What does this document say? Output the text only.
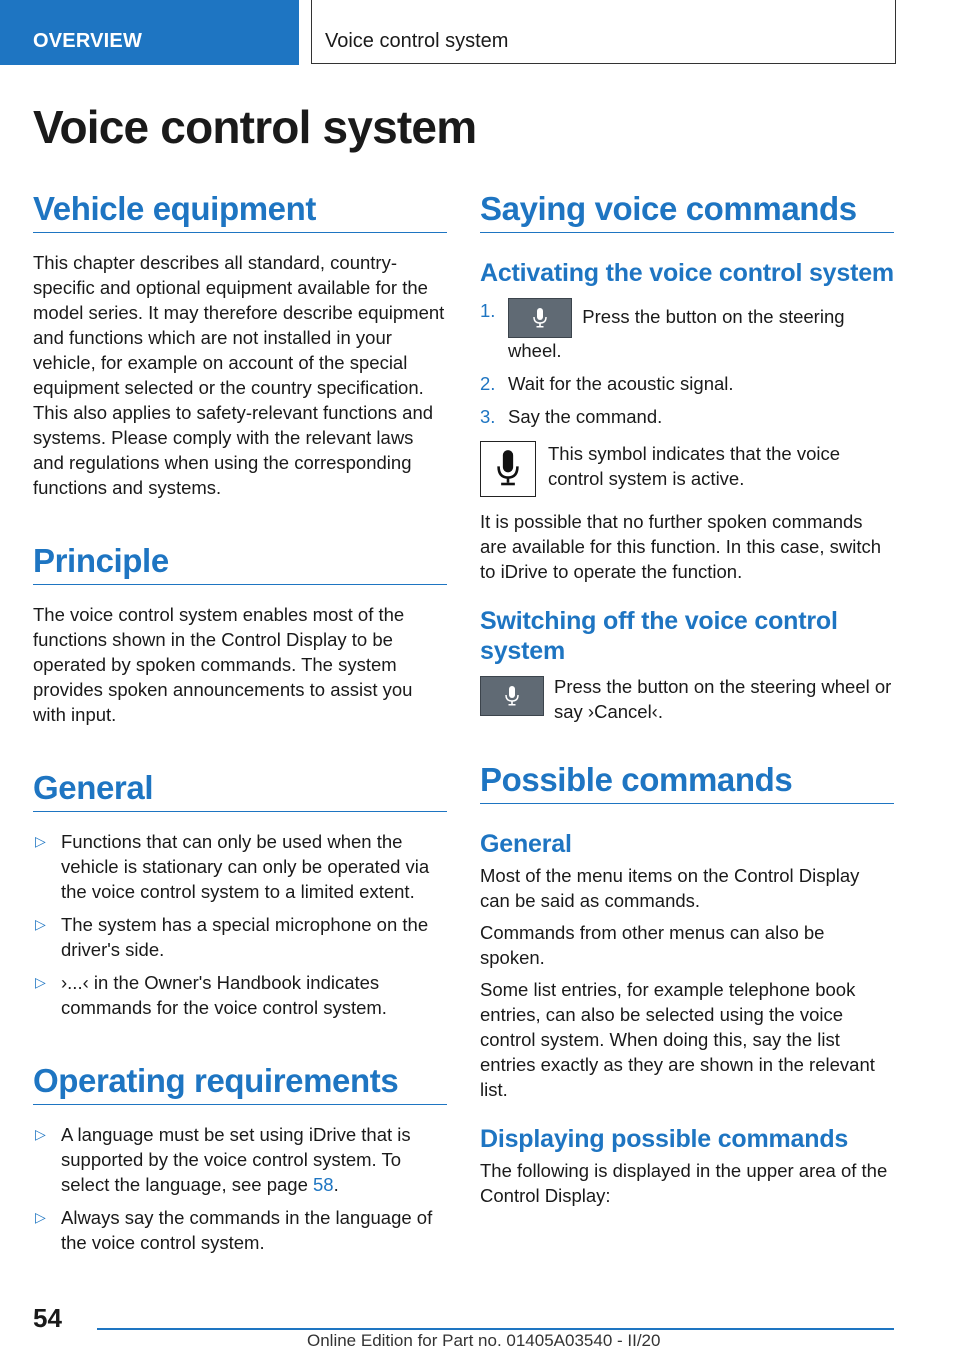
OVERVIEW	Voice control system
Voice control system
Vehicle equipment

This chapter describes all standard, country-specific and optional equipment available for the model series. It may therefore describe equipment and functions which are not installed in your vehicle, for example on account of the special equipment selected or the country specification. This also applies to safety-relevant functions and systems. Please comply with the relevant laws and regulations when using the corresponding functions and systems.

Principle

The voice control system enables most of the functions shown in the Control Display to be operated by spoken commands. The system provides spoken announcements to assist you with input.

General
▷ Functions that can only be used when the vehicle is stationary can only be operated via the voice control system to a limited extent.
▷ The system has a special microphone on the driver's side.
▷ ›...‹ in the Owner's Handbook indicates commands for the voice control system.
Operating requirements
▷ A language must be set using iDrive that is supported by the voice control system. To select the language, see page 58.
▷ Always say the commands in the language of the voice control system.
Saying voice commands
Activating the voice control system
1.	Press the button on the steering wheel.
2. Wait for the acoustic signal.
3. Say the command.

This symbol indicates that the voice control system is active.

It is possible that no further spoken commands are available for this function. In this case, switch to iDrive to operate the function.

Switching off the voice control system

Press the button on the steering wheel or say ›Cancel‹.

Possible commands
General

Most of the menu items on the Control Display can be said as commands.

Commands from other menus can also be spoken.

Some list entries, for example telephone book entries, can also be selected using the voice control system. When doing this, say the list entries exactly as they are shown in the relevant list.

Displaying possible commands

The following is displayed in the upper area of the Control Display:

54
Online Edition for Part no. 01405A03540 - II/20
